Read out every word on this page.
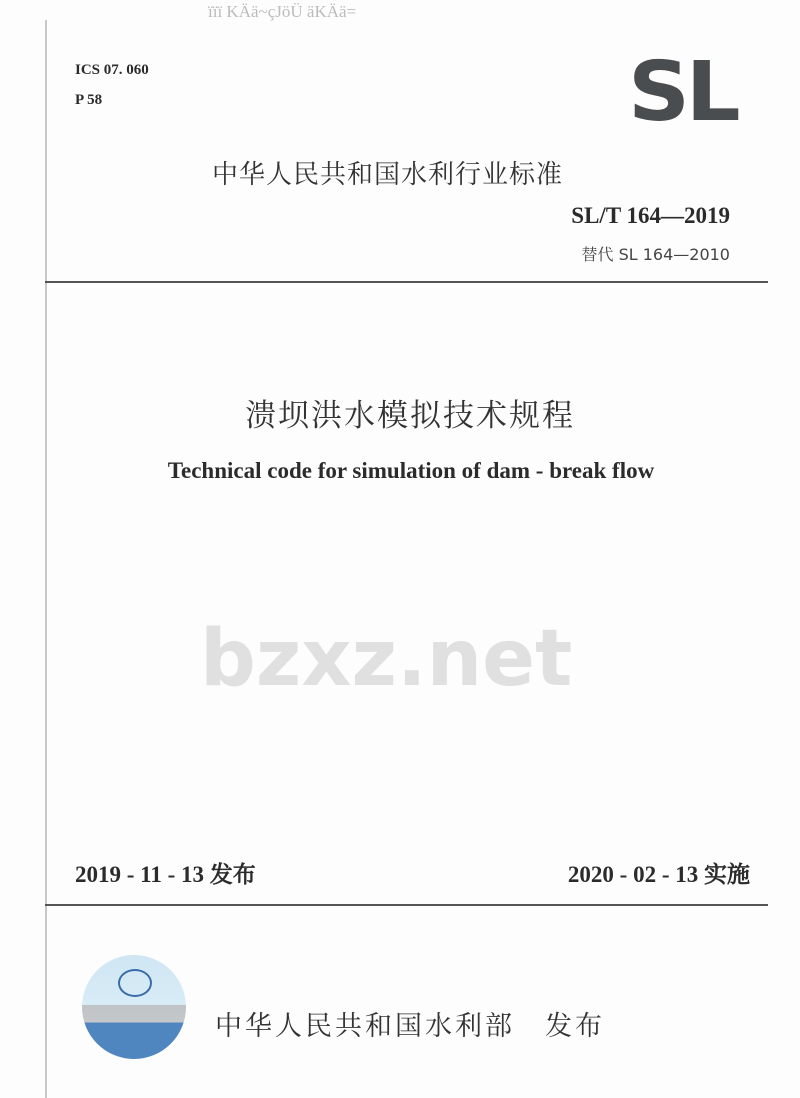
ïïï KÄä~çJöÜ äKÄä=
ICS 07. 060
P 58	SL
bzxz.net
中华人民共和国水利行业标准
SL/T 164—2019
替代 SL 164—2010
溃坝洪水模拟技术规程
Technical code for simulation of dam - break flow
2019 - 11 - 13 发布	2020 - 02 - 13 实施
中华人民共和国水利部　发布
